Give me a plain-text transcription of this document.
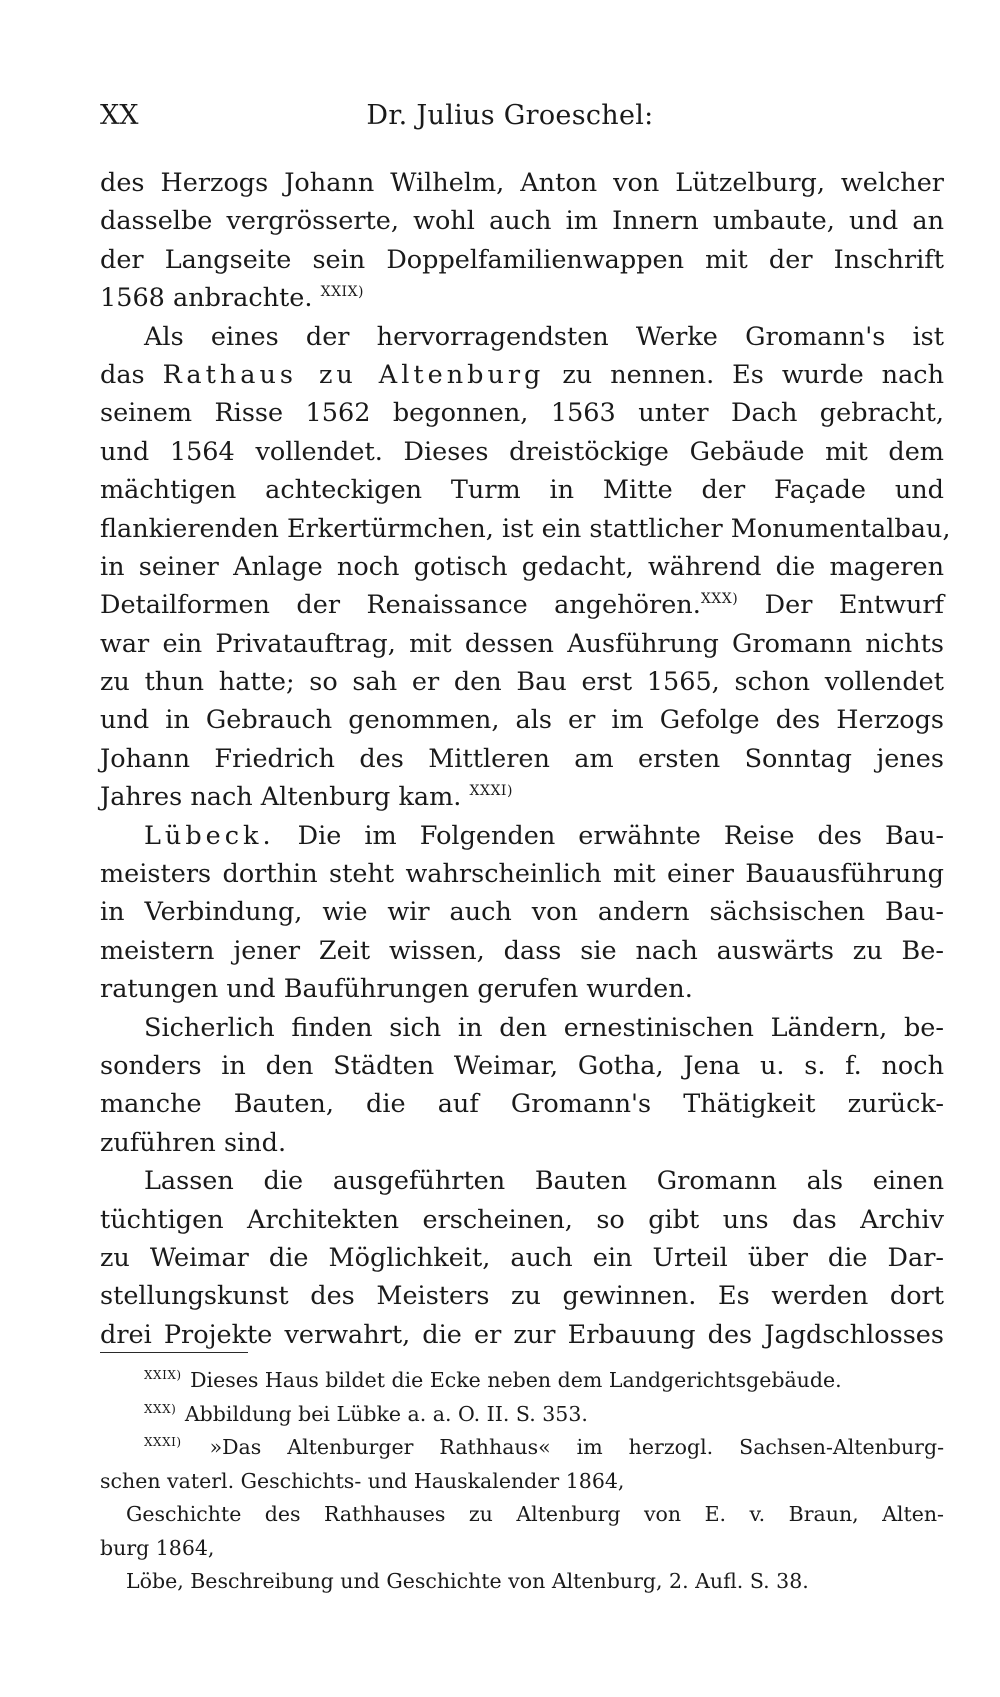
XX	Dr. Julius Groeschel:
des Herzogs Johann Wilhelm, Anton von Lützelburg, welcher
dasselbe vergrösserte, wohl auch im Innern umbaute, und an
der Langseite sein Doppelfamilienwappen mit der Inschrift
1568 anbrachte. $^{XXIX)}$
Als eines der hervorragendsten Werke Gromann's ist
das Rathaus zu Altenburg zu nennen. Es wurde nach
seinem Risse 1562 begonnen, 1563 unter Dach gebracht,
und 1564 vollendet. Dieses dreistöckige Gebäude mit dem
mächtigen achteckigen Turm in Mitte der Façade und
flankierenden Erkertürmchen, ist ein stattlicher Monumentalbau,
in seiner Anlage noch gotisch gedacht, während die mageren
Detailformen der Renaissance angehören.$^{XXX)}$ Der Entwurf
war ein Privatauftrag, mit dessen Ausführung Gromann nichts
zu thun hatte; so sah er den Bau erst 1565, schon vollendet
und in Gebrauch genommen, als er im Gefolge des Herzogs
Johann Friedrich des Mittleren am ersten Sonntag jenes
Jahres nach Altenburg kam. $^{XXXI)}$
Lübeck. Die im Folgenden erwähnte Reise des Bau-
meisters dorthin steht wahrscheinlich mit einer Bauausführung
in Verbindung, wie wir auch von andern sächsischen Bau-
meistern jener Zeit wissen, dass sie nach auswärts zu Be-
ratungen und Bauführungen gerufen wurden.
Sicherlich finden sich in den ernestinischen Ländern, be-
sonders in den Städten Weimar, Gotha, Jena u. s. f. noch
manche Bauten, die auf Gromann's Thätigkeit zurück-
zuführen sind.
Lassen die ausgeführten Bauten Gromann als einen
tüchtigen Architekten erscheinen, so gibt uns das Archiv
zu Weimar die Möglichkeit, auch ein Urteil über die Dar-
stellungskunst des Meisters zu gewinnen. Es werden dort
drei Projekte verwahrt, die er zur Erbauung des Jagdschlosses
$^{XXIX)}$ Dieses Haus bildet die Ecke neben dem Landgerichtsgebäude.
$^{XXX)}$ Abbildung bei Lübke a. a. O. II. S. 353.
$^{XXXI)}$ »Das Altenburger Rathhaus« im herzogl. Sachsen-Altenburg-
schen vaterl. Geschichts- und Hauskalender 1864,
Geschichte des Rathhauses zu Altenburg von E. v. Braun, Alten-
burg 1864,
Löbe, Beschreibung und Geschichte von Altenburg, 2. Aufl. S. 38.
